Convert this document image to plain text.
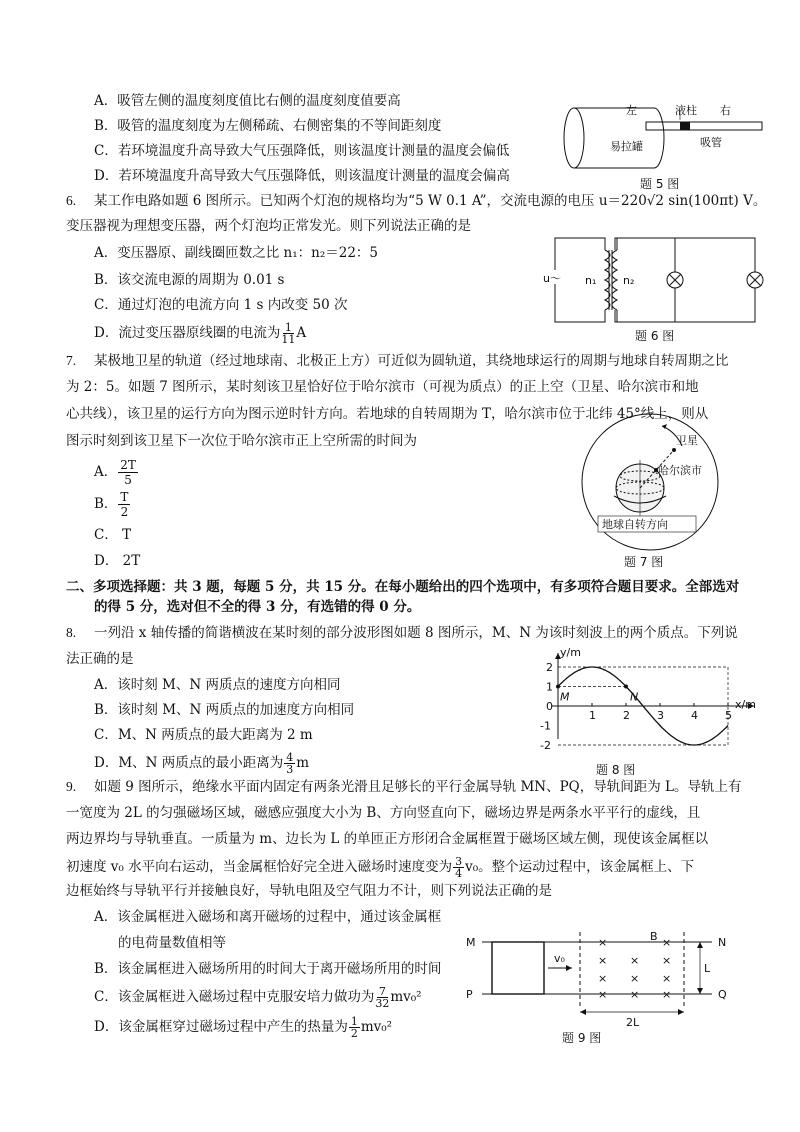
A．吸管左侧的温度刻度值比右侧的温度刻度值要高
B．吸管的温度刻度为左侧稀疏、右侧密集的不等间距刻度
C．若环境温度升高导致大气压强降低，则该温度计测量的温度会偏低
D．若环境温度升高导致大气压强降低，则该温度计测量的温度会偏高
左	液柱 右
易拉罐	吸管
题 5 图
6. 某工作电路如题 6 图所示。已知两个灯泡的规格均为“5 W 0.1 A”，交流电源的电压 u＝220√2 sin(100πt) V。
变压器视为理想变压器，两个灯泡均正常发光。则下列说法正确的是
A．变压器原、副线圈匝数之比 n₁：n₂＝22：5
B．该交流电源的周期为 0.01 s
C．通过灯泡的电流方向 1 s 内改变 50 次
D．流过变压器原线圈的电流为 $\frac{1}{11}$ A
u～ n₁ n₂
题 6 图
7. 某极地卫星的轨道（经过地球南、北极正上方）可近似为圆轨道，其绕地球运行的周期与地球自转周期之比
为 2：5。如题 7 图所示，某时刻该卫星恰好位于哈尔滨市（可视为质点）的正上空（卫星、哈尔滨市和地
心共线），该卫星的运行方向为图示逆时针方向。若地球的自转周期为 T，哈尔滨市位于北纬 45°线上，则从
图示时刻到该卫星下一次位于哈尔滨市正上空所需的时间为
A． $\frac{2T}{5}$
B． $\frac{T}{2}$
C． T
D． 2T
卫星
哈尔滨市
地球自转方向
题 7 图
二、多项选择题：共 3 题，每题 5 分，共 15 分。在每小题给出的四个选项中，有多项符合题目要求。全部选对
的得 5 分，选对但不全的得 3 分，有选错的得 0 分。
8. 一列沿 x 轴传播的简谐横波在某时刻的部分波形图如题 8 图所示，M、N 为该时刻波上的两个质点。下列说
法正确的是
A．该时刻 M、N 两质点的速度方向相同
B．该时刻 M、N 两质点的加速度方向相同
C．M、N 两质点的最大距离为 2 m
D．M、N 两质点的最小距离为 $\frac{4}{3}$ m
1 2 3 4 5
2
1
0
-1
-2
M	N
y/m
x/m
题 8 图
9. 如题 9 图所示，绝缘水平面内固定有两条光滑且足够长的平行金属导轨 MN、PQ，导轨间距为 L。导轨上有
一宽度为 2L 的匀强磁场区域，磁感应强度大小为 B、方向竖直向下，磁场边界是两条水平平行的虚线，且
两边界均与导轨垂直。一质量为 m、边长为 L 的单匝正方形闭合金属框置于磁场区域左侧，现使该金属框以
初速度 v₀ 水平向右运动，当金属框恰好完全进入磁场时速度变为 $\frac{3}{4} v_0$。整个运动过程中，该金属框上、下
边框始终与导轨平行并接触良好，导轨电阻及空气阻力不计，则下列说法正确的是
A．该金属框进入磁场和离开磁场的过程中，通过该金属框
的电荷量数值相等
B．该金属框进入磁场所用的时间大于离开磁场所用的时间
C．该金属框进入磁场过程中克服安培力做功为 $\frac{7}{32} mv_0^2$
D．该金属框穿过磁场过程中产生的热量为 $\frac{1}{2} mv_0^2$
×
×
×
×
×
×
×
×
×
×
×
M	N
P	Q
B
v₀
L
2L
题 9 图
